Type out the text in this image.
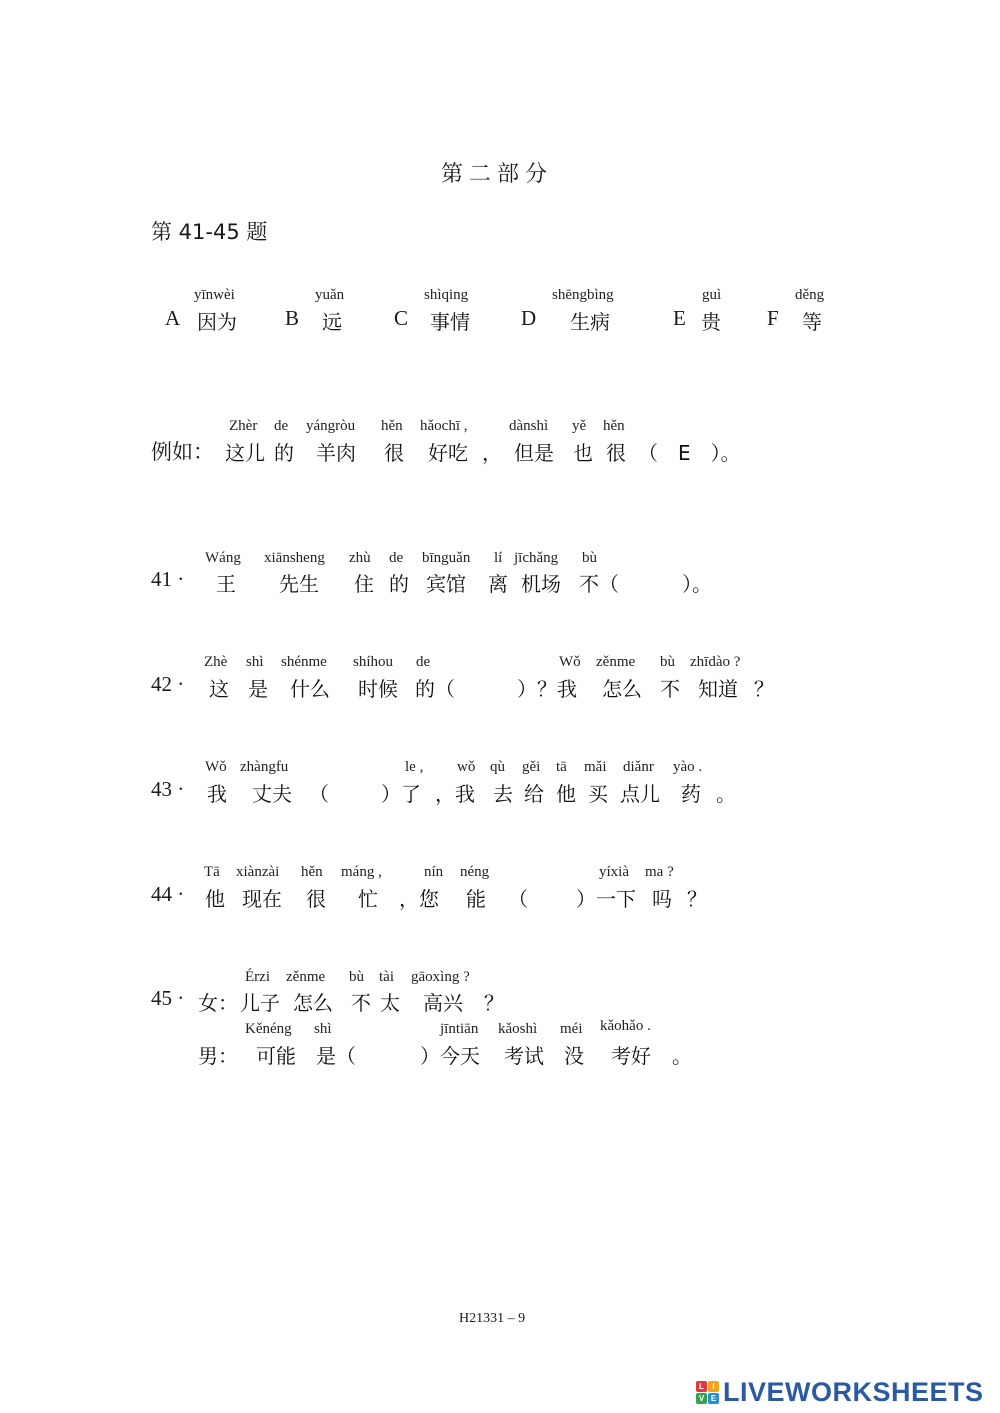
第二部分
第 41-45 题
yīnwèi
A 因为
yuǎn
B 远
shìqing
C 事情
shēngbìng
D 生病
guì
E 贵
děng
F 等
Zhèr de yángròu hěn hǎochī ,	dànshì yě hěn
例如： 这儿 的 羊肉 很 好吃 ， 但是 也 很 （　E　）。
Wáng xiānsheng zhù de bīnguǎn lí jīchǎng bù
41 · 王 先生 住 的 宾馆 离 机场 不（	）。
Zhè shì shénme shíhou de	Wǒ zěnme bù zhīdào ?
42 · 这 是 什么 时候 的（	）？我 怎么 不 知道 ？
Wǒ zhàngfu	le , wǒ qù gěi tā mǎi diǎnr yào .
43 · 我 丈夫 （	）了 ，我 去 给 他 买 点儿 药 。
Tā xiànzài hěn máng ,	nín néng	yíxià ma ?
44 · 他 现在 很 忙 ，您 能 （ ）一下 吗 ？
Érzi zěnme bù tài gāoxìng ?
45 · 女： 儿子 怎么 不 太 高兴 ？
Kěnéng shì	jīntiān kǎoshì méi kǎohǎo .
男： 可能 是（	）今天 考试 没 考好 。
H21331 – 9
L	I
V E LIVEWORKSHEETS
